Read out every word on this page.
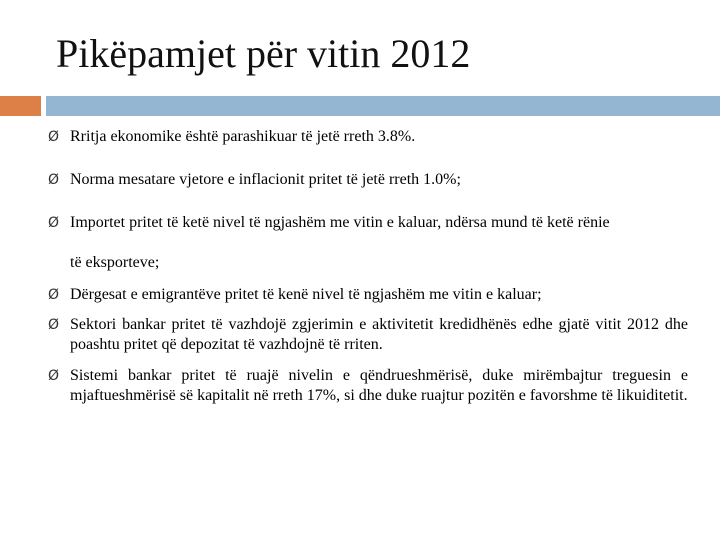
Pikëpamjet për vitin 2012
Ø Rritja ekonomike është parashikuar të jetë rreth 3.8%.
Ø Norma mesatare vjetore e inflacionit pritet të jetë rreth 1.0%;
Ø Importet pritet të ketë nivel të ngjashëm me vitin e kaluar, ndërsa mund të ketë rënie
të eksporteve;
Ø Dërgesat e emigrantëve pritet të kenë nivel të ngjashëm me vitin e kaluar;
Ø Sektori bankar pritet të vazhdojë zgjerimin e aktivitetit kredidhënës edhe gjatë vitit 2012 dhe poashtu pritet që depozitat të vazhdojnë të rriten.
Ø Sistemi bankar pritet të ruajë nivelin e qëndrueshmërisë, duke mirëmbajtur treguesin e mjaftueshmërisë së kapitalit në rreth 17%, si dhe duke ruajtur pozitën e favorshme të likuiditetit.
